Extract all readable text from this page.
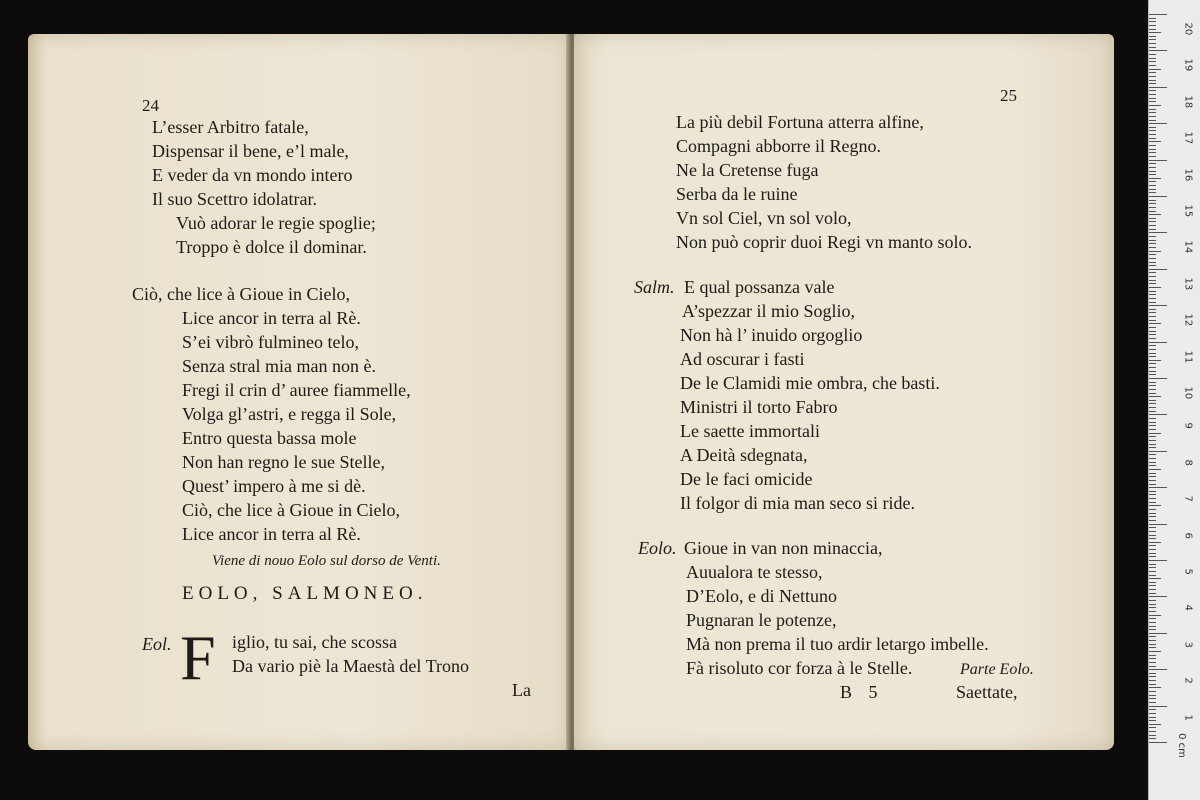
24
L’esser Arbitro fatale,
Dispensar il bene, e’l male,
E veder da vn mondo intero
Il suo Scettro idolatrar.
Vuò adorar le regie spoglie;
Troppo è dolce il dominar.
Ciò, che lice à Gioue in Cielo,
Lice ancor in terra al Rè.
S’ei vibrò fulmineo telo,
Senza stral mia man non è.
Fregi il crin d’ auree fiammelle,
Volga gl’astri, e regga il Sole,
Entro questa bassa mole
Non han regno le sue Stelle,
Quest’ impero à me si dè.
Ciò, che lice à Gioue in Cielo,
Lice ancor in terra al Rè.
Viene di nouo Eolo sul dorso de Venti.
EOLO, SALMONEO.
Eol. F iglio, tu sai, che scossa
Da vario piè la Maestà del Trono
La
25
La più debil Fortuna atterra alfine,
Compagni abborre il Regno.
Ne la Cretense fuga
Serba da le ruine
Vn sol Ciel, vn sol volo,
Non può coprir duoi Regi vn manto solo.
Salm. E qual possanza vale
A’spezzar il mio Soglio,
Non hà l’ inuido orgoglio
Ad oscurar i fasti
De le Clamidi mie ombra, che basti.
Ministri il torto Fabro
Le saette immortali
A Deità sdegnata,
De le faci omicide
Il folgor di mia man seco si ride.
Eolo. Gioue in van non minaccia,
Auualora te stesso,
D’Eolo, e di Nettuno
Pugnaran le potenze,
Mà non prema il tuo ardir letargo imbelle.
Fà risoluto cor forza à le Stelle.	Parte Eolo.
B 5	Saettate,
20
19
18
17
16
15
14
13
12
11
10
9
8
7
6
5
4
3
2
1
0 cm
